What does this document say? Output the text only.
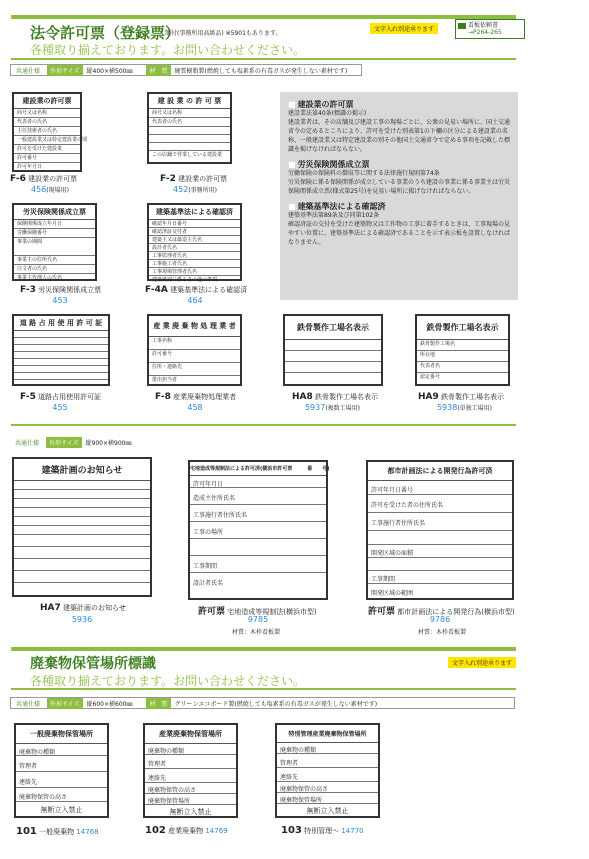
法令許可票（登録票）
額付(事務所用高級品) ※5901もあります。
文字入れ別途承ります
看板依頼書
→P264-265
各種取り揃えております。お問い合わせください。
共通仕様	外形サイズ	縦400×横500㎜	材　質	硬質樹脂製(燃焼しても塩素系の有毒ガスが発生しない素材です)
建設業の許可票
商号又は名称
代表者の氏名
主任技術者の氏名
一般建設業又は特定建設業の別
許可を受けた建設業
許可番号
許可年月日
F-6 建設業の許可票
456(現場用)
建 設 業 の 許 可 票
商号又は名称
代表者の氏名
この店舗で営業している建設業
F-2 建設業の許可票
452(事務所用)
労災保険関係成立票
保険関係成立年月日
労働保険番号
事業の期間
事業主の住所氏名
注文者の氏名
事業主代理人の氏名
F-3 労災保険関係成立票
453
建築基準法による確認済
確認年月日番号
確認済証交付者
建築主又は築造主氏名
設計者氏名
工事監理者氏名
工事施工者氏名
工事現場管理者氏名
建築確認に係るその他の事項
F-4A 建築基準法による確認済
464
■ 建設業の許可票

建設業法第40条(標識の掲示)
建設業者は、その店舗及び建設工事の現場ごとに、公衆の見易い場所に、国土交通省令の定めるところにより、許可を受けた別表第1の下欄の区分による建設業の名称、一般建設業又は特定建設業の別その他国土交通省令で定める事項を記載した標識を掲げなければならない。

■ 労災保険関係成立票

労働保険の保険料の徴収等に関する法律施行規則第74条
労災保険に係る保険関係が成立している事業のうち建設の事業に係る事業主は労災保険関係成立票(様式第25号)を見易い場所に掲げなければならない。

■ 建築基準法による確認済

建築基準法第89条及び同第102条
確認済証の交付を受けた建築物又は工作物の工事に着手するときは、工事現場の見やすい位置に、建築基準法による確認済であることを示す表示板を設置しなければなりません。

道 路 占 用 使 用 許 可 証
F-5 道路占用使用許可証
455
産 業 廃 棄 物 処 理 業 者
工事名称
許可番号
住所・連絡先
排出担当者
F-8 産業廃棄物処理業者
458
鉄骨製作工場名表示
HA8 鉄骨製作工場名表示
5937(複数工場用)
鉄骨製作工場名表示
鉄骨製作工場名
所在地
代表者名
認定番号
HA9 鉄骨製作工場名表示
5938(単独工場用)
共通仕様	外形サイズ	縦900×横900㎜
建築計画のお知らせ
HA7 建築計画のお知らせ
5936
宅地造成等規制法による許可済(横浜市許可票　　　番　　号)
許可年月日
造成主住所氏名
工事施行者住所氏名
工事の場所
工事期間
設計者氏名
許可票 宅地造成等規制法(横浜市型)
9785
材質：木枠看板製
都市計画法による開発行為許可済
許可年月日番号
許可を受けた者の住所氏名
工事施行者住所氏名
開発区域の面積
工事期間
開発区域の範囲
許可票 都市計画法による開発行為(横浜市型)
9786
材質：木枠看板製
廃棄物保管場所標識	文字入れ別途承ります
各種取り揃えております。お問い合わせください。
共通仕様	外形サイズ	縦600×横600㎜	材　質	グリーンエコボード製(燃焼しても塩素系の有毒ガスが発生しない素材です)
一般廃棄物保管場所
廃棄物の種類
管理者
連絡先
廃棄物保管の高さ
無断立入禁止
101 一般廃棄物 14768
産業廃棄物保管場所
廃棄物の種類
管理者
連絡先
廃棄物保管の高さ
廃棄物保管場所
無断立入禁止
102 産業廃棄物 14769
特別管理産業廃棄物保管場所
廃棄物の種類
管理者
連絡先
廃棄物保管の高さ
廃棄物保管場所
無断立入禁止
103 特別管理〜 14770
